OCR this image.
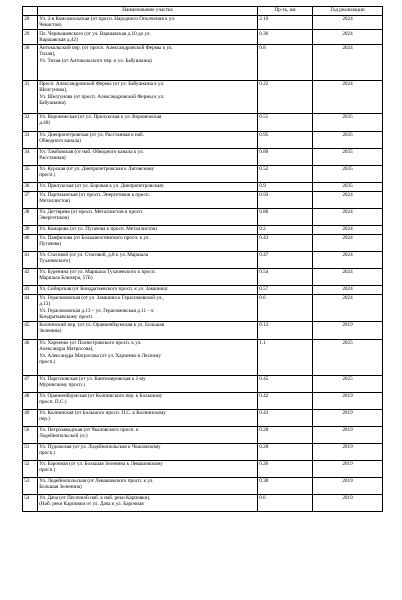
	Наименование участка	Пр-ть, км	Год реализации
28	Ул. 2-я Комсомольская (от просп. Народного Ополчения к ул.
Чекистов)	2.19	2024
29	Пл. Чернышевского (от ул. Варшавская д.10 до ул.
Варшавская д.42)	0.36	2024
30	Антокольский пер. (от просп. Александровской Фермы к ул.
Тихая),
Ул. Тихая (от Антокольского пер. к ул. Бабушкина)	0.8	2024
31	Просп. Александровской Фермы (от ул. Бабушкина к ул.
Шелгунова),
Ул. Шелгунова (от просп. Александровской Фермы к ул.
Бабушкина)	0.22	2024
32	Ул. Воронежская (от ул. Прилукская к ул. Воронежская
д.40)	0.51	2035
33	Ул. Днепропетровская (от ул. Расстанная к наб.
Обводного канала)	0.95	2035
34	Ул. Тамбовская (от наб. Обводного канала к ул.
Расстанная)	0.89	2035
35	Ул. Курская (от ул. Днепропетровская к Лиговскому
просп.)	0.52	2035
36	Ул. Прилукская (от ул. Боровая к ул. Днепропетровская)	0.9	2035
37	Ул. Партизанская (от просп. Энергетиков к просп.
Металлистов)	0.93	2024
38	Ул. Дегтярева (от просп. Металлистов к просп.
Энергетиков)	0.86	2024
39	Ул. Комарова (от ул. Пугачева к просп. Металлистов)	0.2	2024
40	Ул. Панфилова (от Большеохтинского просп. к ул.
Пугачева)	0.43	2024
41	Ул. Стасовой (от ул. Стасовой, д.8 к ул. Маршала
Тухачевского)	0.47	2024
42	Ул. Буренина (от ул. Маршала Тухачевского к просп.
Маршала Блюхера, 57Б)	0.54	2024
43	Ул. Сибирская (от Кондратьевского просп. к ул. Замшина)	0.57	2024
44	Ул. Герасимовская (от ул. Замшина к Герасимовской ул.,
д.13)
Ул. Герасимовская д.13 – ул. Герасимовская д.11 – к
Кондратьевскому просп.	0.6	2024
45	Колпинский пер. (от ул. Ораниенбаумская к ул. Большая
Зеленина)	0.13	2019
46	Ул. Харченко (от Полюстровского просп. к ул.
Александра Матросова),
Ул. Александра Матросова (от ул. Харченко к Лесному
просп.)	1.1	2025
47	Ул. Парголовская (от ул. Кантемировская к 1-му
Муринскому просп.)	0.45	2025
48	Ул. Ораниенбаумская (от Колпинского пер. к Большому
просп. П.С.)	0.42	2019
49	Ул. Колпинская (от Большого просп. П.С. к Колпинскому
пер.)	0.43	2019
50	Ул. Петрозаводская (от Чкаловского просп. к
Лодейнопольской ул.)	0.28	2019
51	Ул. Пудожская (от ул. Лодейнопольская к Чкаловскому
просп.)	0.28	2019
52	Ул. Барочная (от ул. Большая Зеленина к Левашовскому
просп.)	0.26	2019
53	Ул. Лодейнопольская (от Левашовского просп. к ул.
Большая Зеленина)	0.38	2019
54	Ул. Дача (от Песочной наб. к наб. реки Карповки),
(Наб. реки Карповки от ул. Дача к ул. Барочная	0.6	2019
